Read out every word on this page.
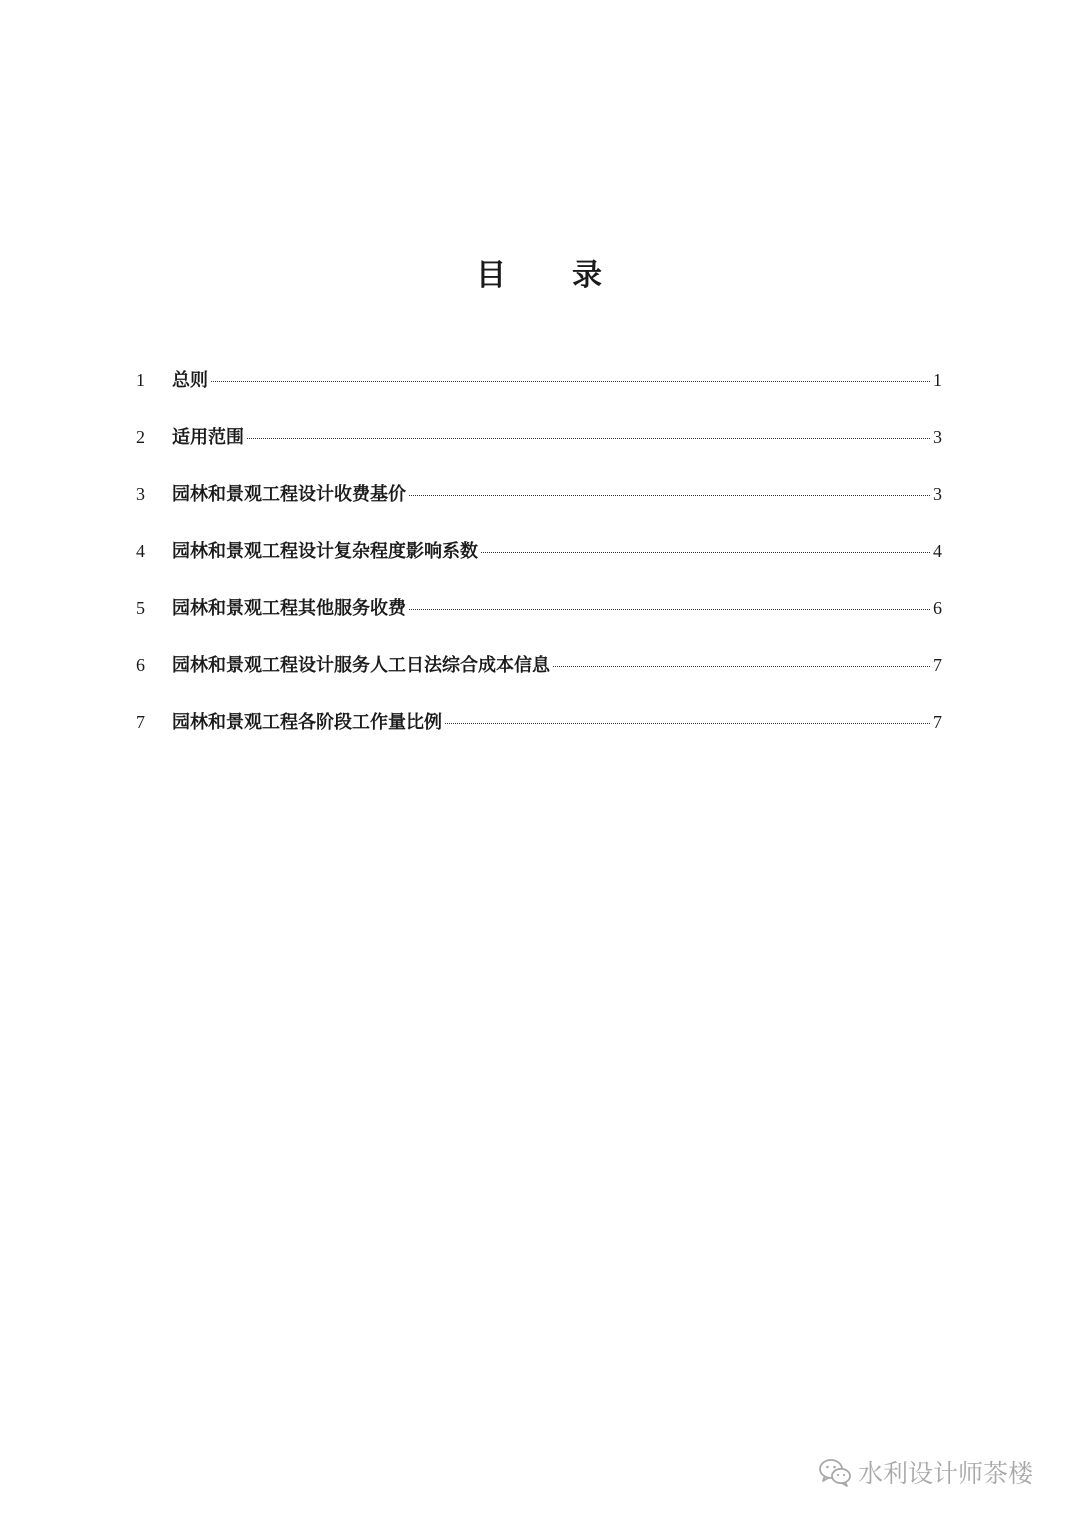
目 录
1	总则	1
2	适用范围	3
3	园林和景观工程设计收费基价	3
4	园林和景观工程设计复杂程度影响系数	4
5	园林和景观工程其他服务收费	6
6	园林和景观工程设计服务人工日法综合成本信息	7
7	园林和景观工程各阶段工作量比例	7
水利设计师茶楼
